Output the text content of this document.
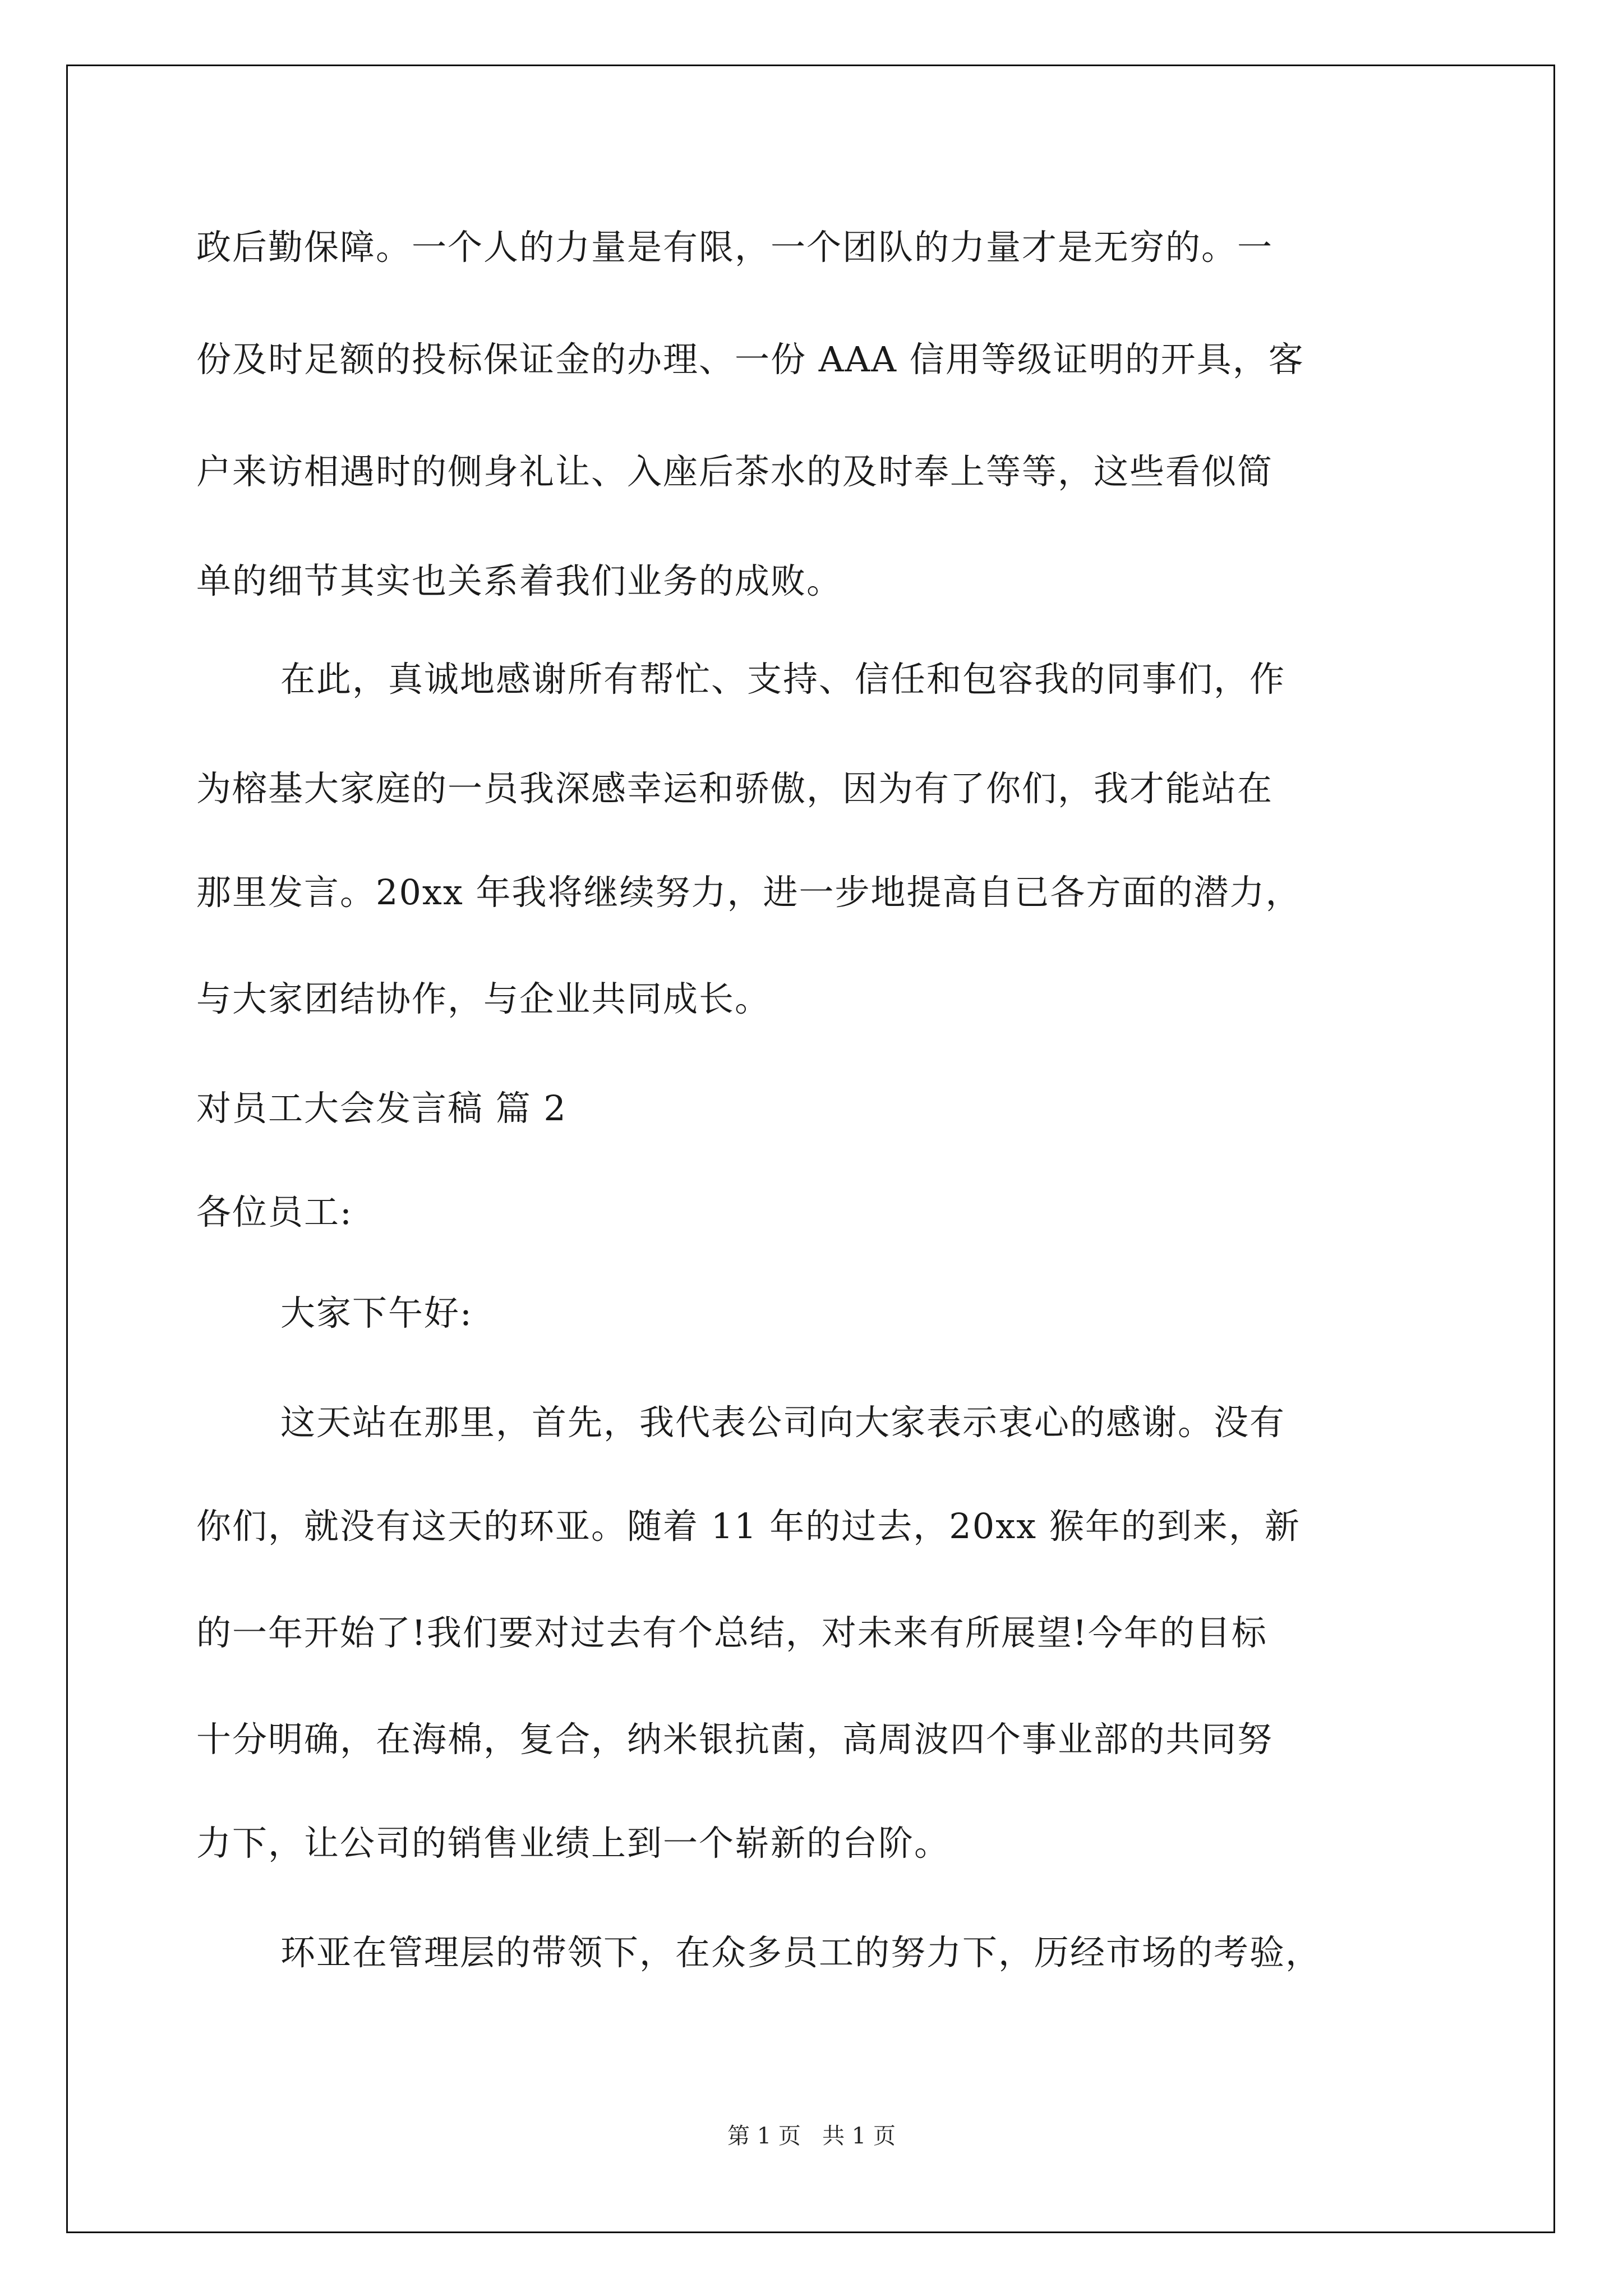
政后勤保障。一个人的力量是有限，一个团队的力量才是无穷的。一
份及时足额的投标保证金的办理、一份 AAA 信用等级证明的开具，客
户来访相遇时的侧身礼让、入座后茶水的及时奉上等等，这些看似简
单的细节其实也关系着我们业务的成败。
在此，真诚地感谢所有帮忙、支持、信任和包容我的同事们，作
为榕基大家庭的一员我深感幸运和骄傲，因为有了你们，我才能站在
那里发言。20xx 年我将继续努力，进一步地提高自已各方面的潜力，
与大家团结协作，与企业共同成长。
对员工大会发言稿 篇 2
各位员工:
大家下午好:
这天站在那里，首先，我代表公司向大家表示衷心的感谢。没有
你们，就没有这天的环亚。随着 11 年的过去，20xx 猴年的到来，新
的一年开始了!我们要对过去有个总结，对未来有所展望!今年的目标
十分明确，在海棉，复合，纳米银抗菌，高周波四个事业部的共同努
力下，让公司的销售业绩上到一个崭新的台阶。
环亚在管理层的带领下，在众多员工的努力下，历经市场的考验，
第 1 页   共 1 页
